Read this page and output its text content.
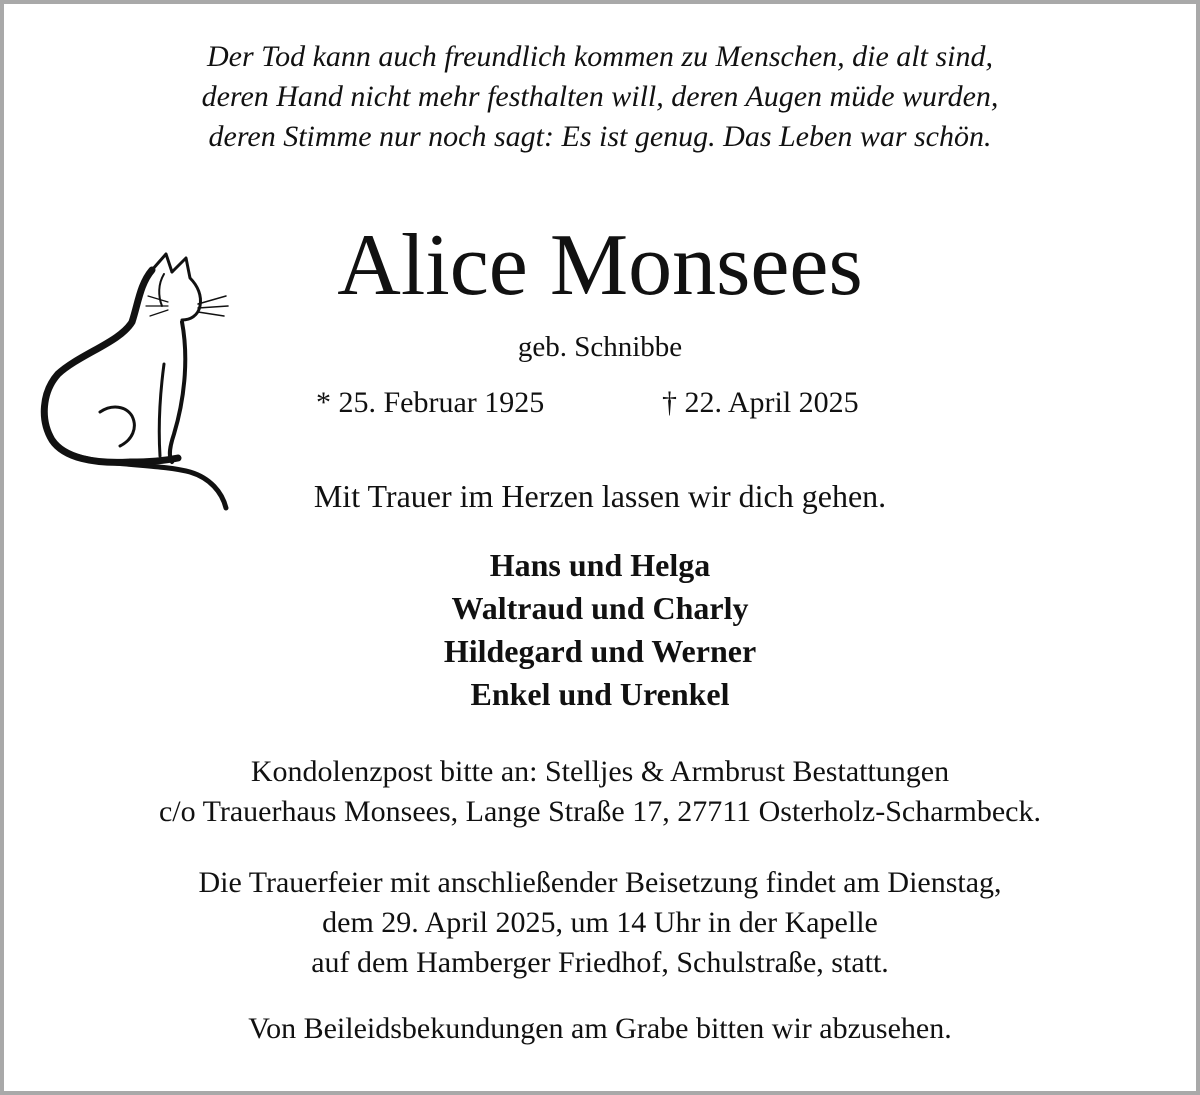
Der Tod kann auch freundlich kommen zu Menschen, die alt sind,
deren Hand nicht mehr festhalten will, deren Augen müde wurden,
deren Stimme nur noch sagt: Es ist genug. Das Leben war schön.
Alice Monsees
geb. Schnibbe
* 25. Februar 1925	† 22. April 2025
Mit Trauer im Herzen lassen wir dich gehen.
Hans und Helga
Waltraud und Charly
Hildegard und Werner
Enkel und Urenkel
Kondolenzpost bitte an: Stelljes & Armbrust Bestattungen
c/o Trauerhaus Monsees, Lange Straße 17, 27711 Osterholz-Scharmbeck.
Die Trauerfeier mit anschließender Beisetzung findet am Dienstag,
dem 29. April 2025, um 14 Uhr in der Kapelle
auf dem Hamberger Friedhof, Schulstraße, statt.
Von Beileidsbekundungen am Grabe bitten wir abzusehen.
